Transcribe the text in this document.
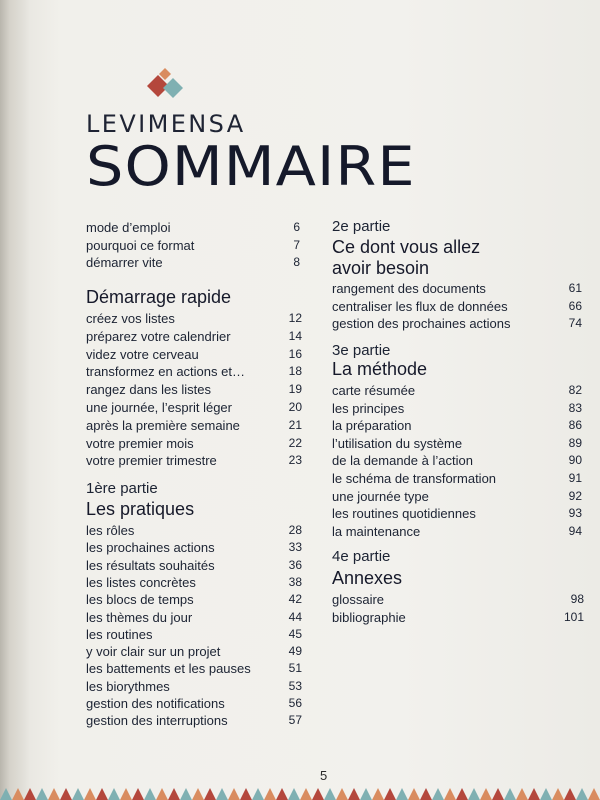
LEVIMENSA
SOMMAIRE
mode d’emploi	6
pourquoi ce format	7
démarrer vite	8
Démarrage rapide
créez vos listes	12
préparez votre calendrier	14
videz votre cerveau	16
transformez en actions et…	18
rangez dans les listes	19
une journée, l’esprit léger	20
après la première semaine	21
votre premier mois	22
votre premier trimestre	23
1ère partie
Les pratiques
les rôles	28
les prochaines actions	33
les résultats souhaités	36
les listes concrètes	38
les blocs de temps	42
les thèmes du jour	44
les routines	45
y voir clair sur un projet	49
les battements et les pauses	51
les biorythmes	53
gestion des notifications	56
gestion des interruptions	57
2e partie
Ce dont vous allez
avoir besoin
rangement des documents	61
centraliser les flux de données	66
gestion des prochaines actions	74
3e partie
La méthode
carte résumée	82
les principes	83
la préparation	86
l’utilisation du système	89
de la demande à l’action	90
le schéma de transformation	91
une journée type	92
les routines quotidiennes	93
la maintenance	94
4e partie
Annexes
glossaire	98
bibliographie	101
5
